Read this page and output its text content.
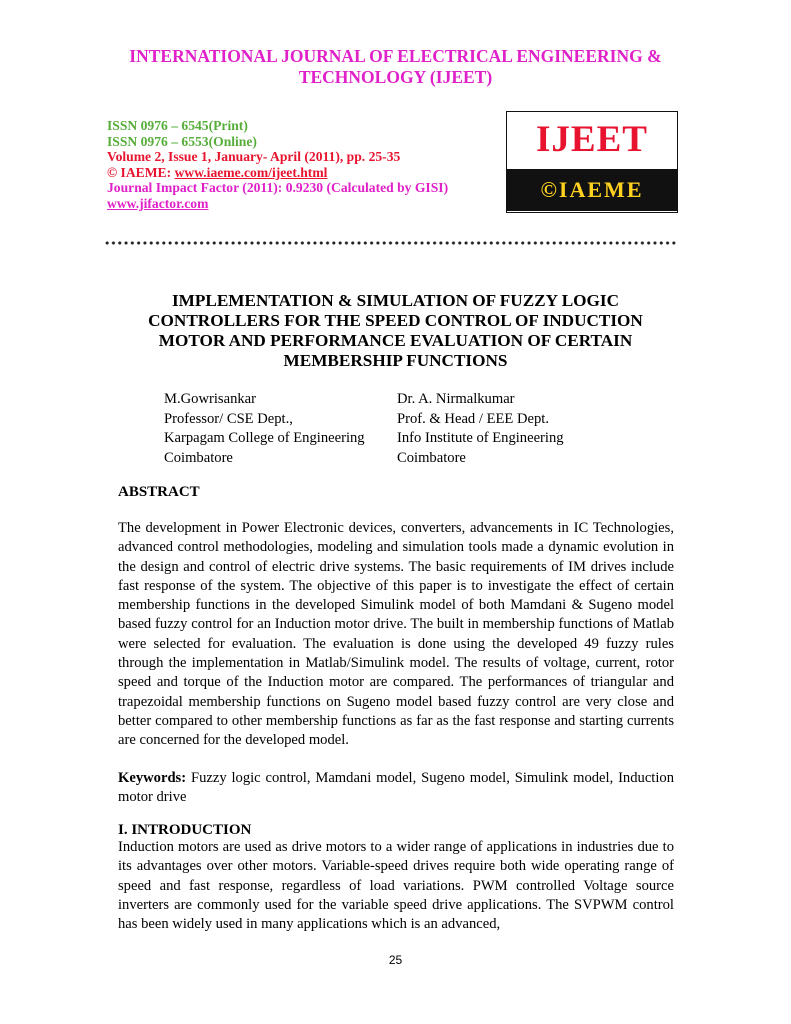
INTERNATIONAL JOURNAL OF ELECTRICAL ENGINEERING &
TECHNOLOGY (IJEET)
ISSN 0976 – 6545(Print)
ISSN 0976 – 6553(Online)
Volume 2, Issue 1, January- April (2011), pp. 25-35
© IAEME: www.iaeme.com/ijeet.html
Journal Impact Factor (2011): 0.9230 (Calculated by GISI)
www.jifactor.com
IJEET
©IAEME
IMPLEMENTATION & SIMULATION OF FUZZY LOGIC
CONTROLLERS FOR THE SPEED CONTROL OF INDUCTION
MOTOR AND PERFORMANCE EVALUATION OF CERTAIN
MEMBERSHIP FUNCTIONS
M.Gowrisankar
Professor/ CSE Dept.,
Karpagam College of Engineering
Coimbatore
Dr. A. Nirmalkumar
Prof. & Head / EEE Dept.
Info Institute of Engineering
Coimbatore
ABSTRACT

The development in Power Electronic devices, converters, advancements in IC Technologies, advanced control methodologies, modeling and simulation tools made a dynamic evolution in the design and control of electric drive systems. The basic requirements of IM drives include fast response of the system. The objective of this paper is to investigate the effect of certain membership functions in the developed Simulink model of both Mamdani & Sugeno model based fuzzy control for an Induction motor drive. The built in membership functions of Matlab were selected for evaluation. The evaluation is done using the developed 49 fuzzy rules through the implementation in Matlab/Simulink model. The results of voltage, current, rotor speed and torque of the Induction motor are compared. The performances of triangular and trapezoidal membership functions on Sugeno model based fuzzy control are very close and better compared to other membership functions as far as the fast response and starting currents are concerned for the developed model.

Keywords: Fuzzy logic control, Mamdani model, Sugeno model, Simulink model, Induction motor drive

I. INTRODUCTION

Induction motors are used as drive motors to a wider range of applications in industries due to its advantages over other motors. Variable-speed drives require both wide operating range of speed and fast response, regardless of load variations. PWM controlled Voltage source inverters are commonly used for the variable speed drive applications. The SVPWM control has been widely used in many applications which is an advanced,

25
